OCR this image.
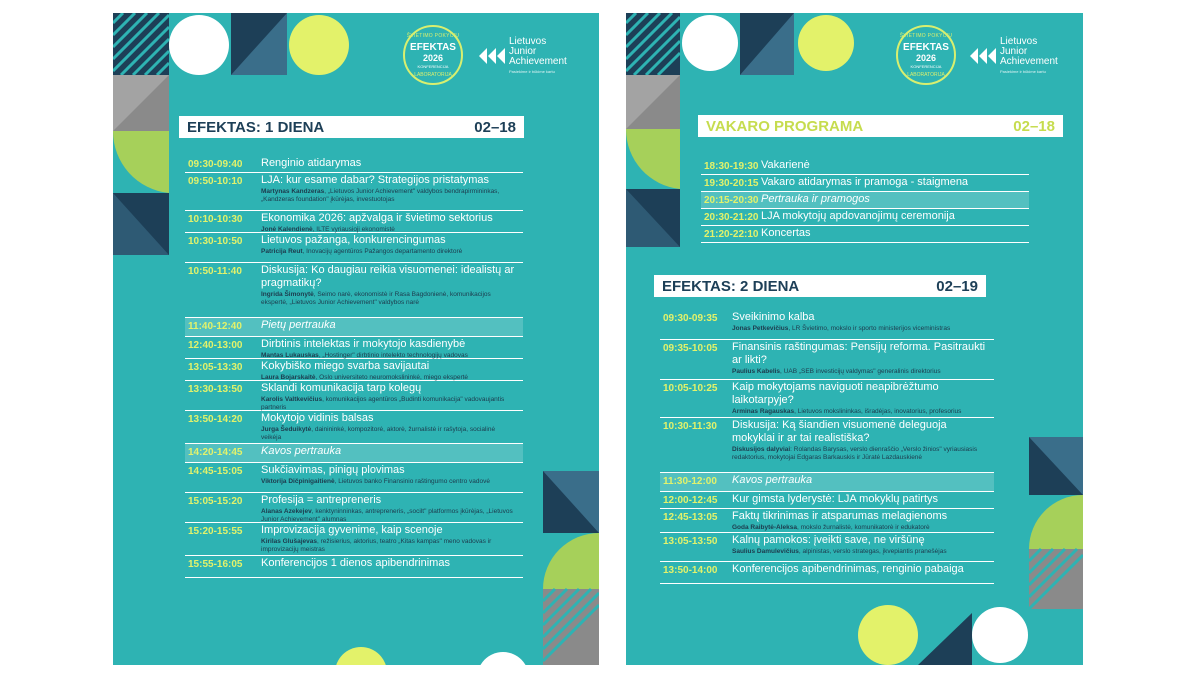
ŠVIETIMO POKYČIŲ
EFEKTAS
2026
KONFERENCIJA
LABORATORIJA
Lietuvos
Junior
Achievement
Pasiekime ir būkime kartu
EFEKTAS: 1 DIENA	02–18
09:30-09:40 Renginio atidarymas
09:50-10:10 LJA: kur esame dabar? Strategijos pristatymas
Martynas Kandzeras, „Lietuvos Junior Achievement" valdybos bendrapirmininkas, „Kandzeras foundation" įkūrėjas, investuotojas
10:10-10:30 Ekonomika 2026: apžvalga ir švietimo sektorius
Jonė Kalendienė, ILTE vyriausioji ekonomistė
10:30-10:50 Lietuvos pažanga, konkurencingumas
Patricija Reut, Inovacijų agentūros Pažangos departamento direktorė
10:50-11:40 Diskusija: Ko daugiau reikia visuomenei: idealistų ar pragmatikų?
Ingrida Šimonytė, Seimo narė, ekonomistė ir Rasa Bagdonienė, komunikacijos ekspertė, „Lietuvos Junior Achievement" valdybos narė
11:40-12:40 Pietų pertrauka
12:40-13:00 Dirbtinis intelektas ir mokytojo kasdienybė
Mantas Lukauskas, „Hostinger" dirbtinio intelekto technologijų vadovas
13:05-13:30 Kokybiško miego svarba savijautai
Laura Bojarskaitė, Oslo universiteto neuromokslininkė, miego ekspertė
13:30-13:50 Sklandi komunikacija tarp kolegų
Karolis Valtkevičius, komunikacijos agentūros „Budinti komunikacija" vadovaujantis partneris
13:50-14:20 Mokytojo vidinis balsas
Jurga Šeduikytė, dainininkė, kompozitorė, aktorė, žurnalistė ir rašytoja, socialinė veikėja
14:20-14:45 Kavos pertrauka
14:45-15:05 Sukčiavimas, pinigų plovimas
Viktorija Dičpinigaitienė, Lietuvos banko Finansinio raštingumo centro vadovė
15:05-15:20 Profesija = antrepreneris
Alanas Azekejev, kenktyninninkas, antrepreneris, „socilt" platformos įkūrėjas, „Lietuvos Junior Achievement" alumnas
15:20-15:55 Improvizacija gyvenime, kaip scenoje
Kirilas Glušajevas, režisierius, aktorius, teatro „Kitas kampas" meno vadovas ir improvizacijų meistras
15:55-16:05 Konferencijos 1 dienos apibendrinimas
ŠVIETIMO POKYČIŲ
EFEKTAS
2026
KONFERENCIJA
LABORATORIJA
Lietuvos
Junior
Achievement
Pasiekime ir būkime kartu
VAKARO PROGRAMA	02–18
18:30-19:30 Vakarienė
19:30-20:15 Vakaro atidarymas ir pramoga - staigmena
20:15-20:30 Pertrauka ir pramogos
20:30-21:20 LJA mokytojų apdovanojimų ceremonija
21:20-22:10 Koncertas
EFEKTAS: 2 DIENA	02–19
09:30-09:35 Sveikinimo kalba
Jonas Petkevičius, LR Švietimo, mokslo ir sporto ministerijos viceministras
09:35-10:05 Finansinis raštingumas: Pensijų reforma. Pasitraukti ar likti?
Paulius Kabelis, UAB „SEB investicijų valdymas" generalinis direktorius
10:05-10:25 Kaip mokytojams naviguoti neapibrėžtumo laikotarpyje?
Arminas Ragauskas, Lietuvos mokslininkas, išradėjas, inovatorius, profesorius
10:30-11:30 Diskusija: Ką šiandien visuomenė deleguoja mokyklai ir ar tai realistiška?
Diskusijos dalyviai: Rolandas Barysas, verslo dienraščio „Verslo žinios" vyriausiasis redaktorius, mokytojai Edgaras Barkauskis ir Jūratė Lazdauskienė
11:30-12:00 Kavos pertrauka
12:00-12:45 Kur gimsta lyderystė: LJA mokyklų patirtys
12:45-13:05 Faktų tikrinimas ir atsparumas melagienoms
Goda Raibytė-Aleksa, mokslo žurnalistė, komunikatorė ir edukatorė
13:05-13:50 Kalnų pamokos: įveikti save, ne viršūnę
Saulius Damulevičius, alpinistas, verslo strategas, įkvepiantis pranešėjas
13:50-14:00 Konferencijos apibendrinimas, renginio pabaiga
